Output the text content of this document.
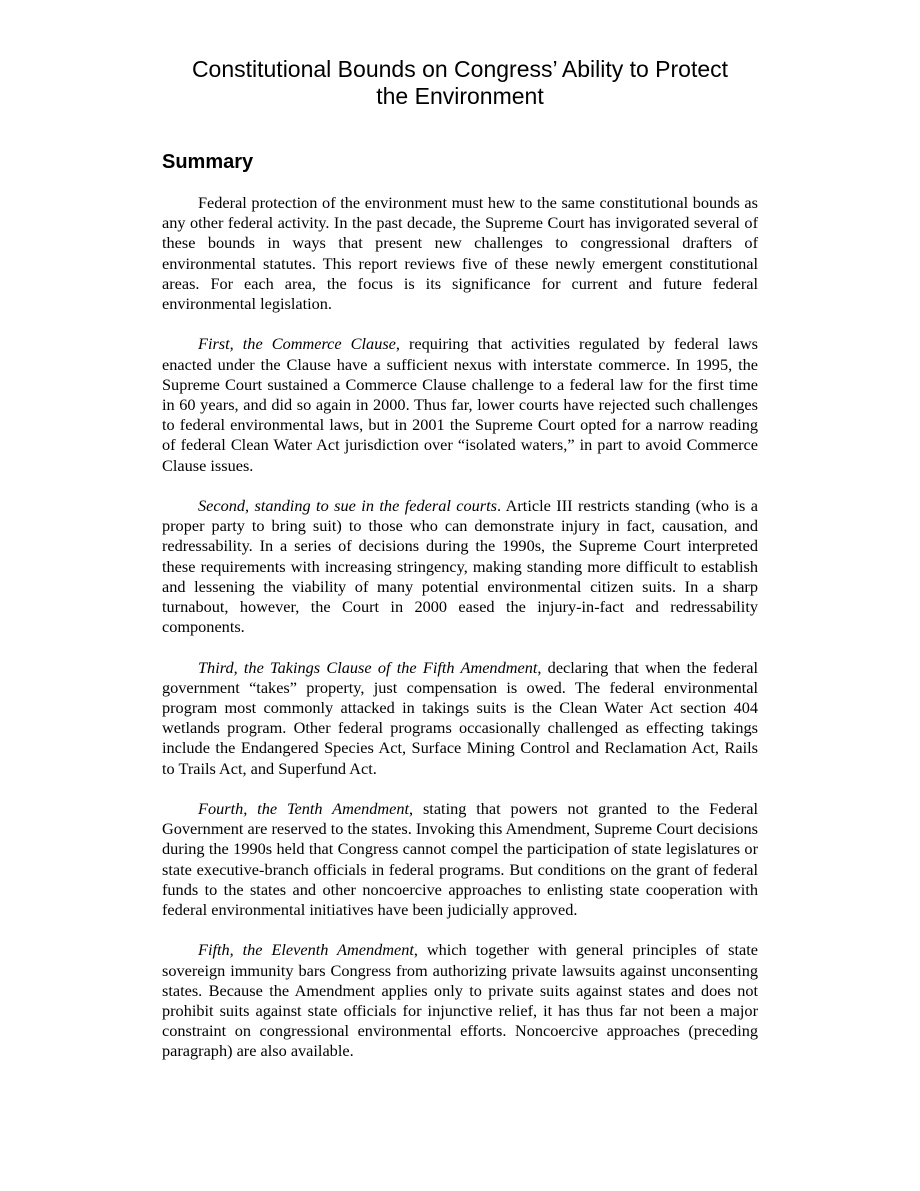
Constitutional Bounds on Congress’ Ability to Protect
the Environment
Summary

Federal protection of the environment must hew to the same constitutional bounds as any other federal activity. In the past decade, the Supreme Court has invigorated several of these bounds in ways that present new challenges to congressional drafters of environmental statutes. This report reviews five of these newly emergent constitutional areas. For each area, the focus is its significance for current and future federal environmental legislation.

First, the Commerce Clause, requiring that activities regulated by federal laws enacted under the Clause have a sufficient nexus with interstate commerce. In 1995, the Supreme Court sustained a Commerce Clause challenge to a federal law for the first time in 60 years, and did so again in 2000. Thus far, lower courts have rejected such challenges to federal environmental laws, but in 2001 the Supreme Court opted for a narrow reading of federal Clean Water Act jurisdiction over “isolated waters,” in part to avoid Commerce Clause issues.

Second, standing to sue in the federal courts. Article III restricts standing (who is a proper party to bring suit) to those who can demonstrate injury in fact, causation, and redressability. In a series of decisions during the 1990s, the Supreme Court interpreted these requirements with increasing stringency, making standing more difficult to establish and lessening the viability of many potential environmental citizen suits. In a sharp turnabout, however, the Court in 2000 eased the injury-in-fact and redressability components.

Third, the Takings Clause of the Fifth Amendment, declaring that when the federal government “takes” property, just compensation is owed. The federal environmental program most commonly attacked in takings suits is the Clean Water Act section 404 wetlands program. Other federal programs occasionally challenged as effecting takings include the Endangered Species Act, Surface Mining Control and Reclamation Act, Rails to Trails Act, and Superfund Act.

Fourth, the Tenth Amendment, stating that powers not granted to the Federal Government are reserved to the states. Invoking this Amendment, Supreme Court decisions during the 1990s held that Congress cannot compel the participation of state legislatures or state executive-branch officials in federal programs. But conditions on the grant of federal funds to the states and other noncoercive approaches to enlisting state cooperation with federal environmental initiatives have been judicially approved.

Fifth, the Eleventh Amendment, which together with general principles of state sovereign immunity bars Congress from authorizing private lawsuits against unconsenting states. Because the Amendment applies only to private suits against states and does not prohibit suits against state officials for injunctive relief, it has thus far not been a major constraint on congressional environmental efforts. Noncoercive approaches (preceding paragraph) are also available.
